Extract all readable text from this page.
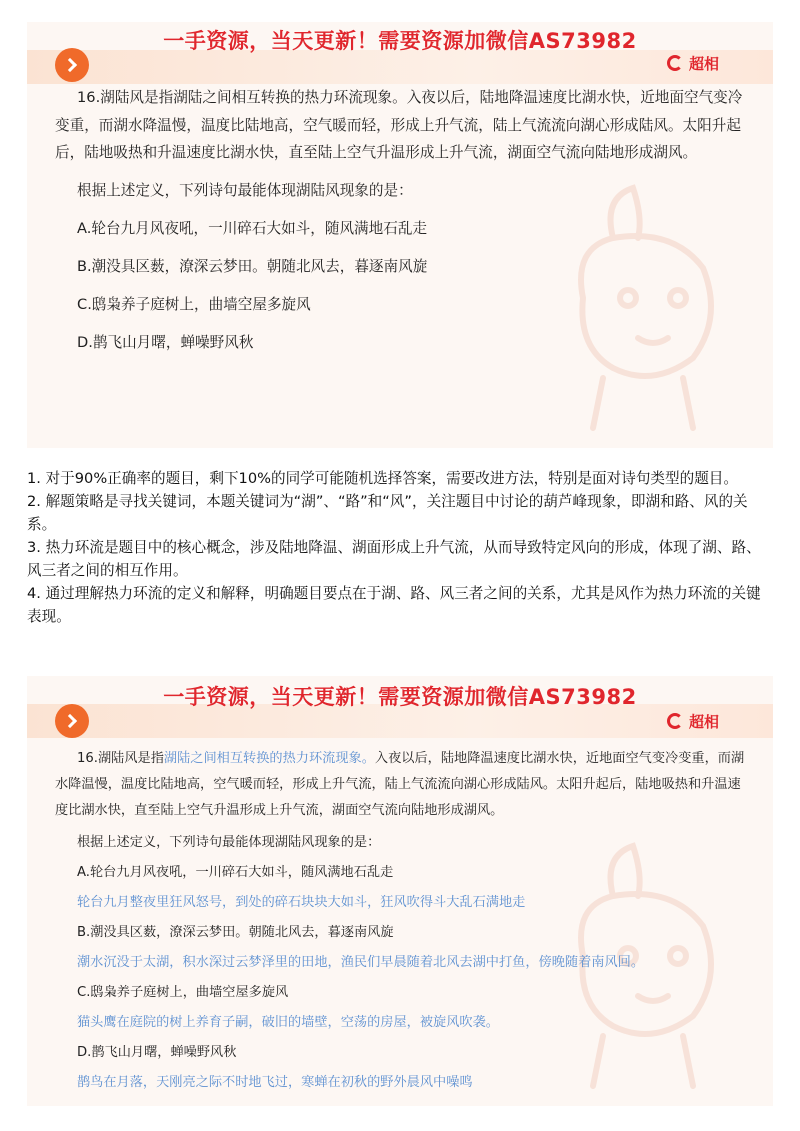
一手资源，当天更新！需要资源加微信AS73982
超相

16.湖陆风是指湖陆之间相互转换的热力环流现象。入夜以后，陆地降温速度比湖水快，近地面空气变冷变重，而湖水降温慢，温度比陆地高，空气暖而轻，形成上升气流，陆上气流流向湖心形成陆风。太阳升起后，陆地吸热和升温速度比湖水快，直至陆上空气升温形成上升气流，湖面空气流向陆地形成湖风。

根据上述定义，下列诗句最能体现湖陆风现象的是：

A.轮台九月风夜吼，一川碎石大如斗，随风满地石乱走

B.潮没具区薮，潦深云梦田。朝随北风去，暮逐南风旋

C.鸱枭养子庭树上，曲墙空屋多旋风

D.鹊飞山月曙，蝉噪野风秋

1. 对于90%正确率的题目，剩下10%的同学可能随机选择答案，需要改进方法，特别是面对诗句类型的题目。

2. 解题策略是寻找关键词，本题关键词为“湖”、“路”和“风”，关注题目中讨论的葫芦峰现象，即湖和路、风的关系。

3. 热力环流是题目中的核心概念，涉及陆地降温、湖面形成上升气流，从而导致特定风向的形成，体现了湖、路、风三者之间的相互作用。

4. 通过理解热力环流的定义和解释，明确题目要点在于湖、路、风三者之间的关系，尤其是风作为热力环流的关键表现。

一手资源，当天更新！需要资源加微信AS73982
超相

16.湖陆风是指湖陆之间相互转换的热力环流现象。入夜以后，陆地降温速度比湖水快，近地面空气变冷变重，而湖水降温慢，温度比陆地高，空气暖而轻，形成上升气流，陆上气流流向湖心形成陆风。太阳升起后，陆地吸热和升温速度比湖水快，直至陆上空气升温形成上升气流，湖面空气流向陆地形成湖风。

根据上述定义，下列诗句最能体现湖陆风现象的是：

A.轮台九月风夜吼，一川碎石大如斗，随风满地石乱走

轮台九月整夜里狂风怒号，到处的碎石块块大如斗，狂风吹得斗大乱石满地走

B.潮没具区薮，潦深云梦田。朝随北风去，暮逐南风旋

潮水沉没于太湖，积水深过云梦泽里的田地，渔民们早晨随着北风去湖中打鱼，傍晚随着南风回。

C.鸱枭养子庭树上，曲墙空屋多旋风

猫头鹰在庭院的树上养育子嗣，破旧的墙壁，空荡的房屋，被旋风吹袭。

D.鹊飞山月曙，蝉噪野风秋

鹊鸟在月落，天刚亮之际不时地飞过，寒蝉在初秋的野外晨风中噪鸣
